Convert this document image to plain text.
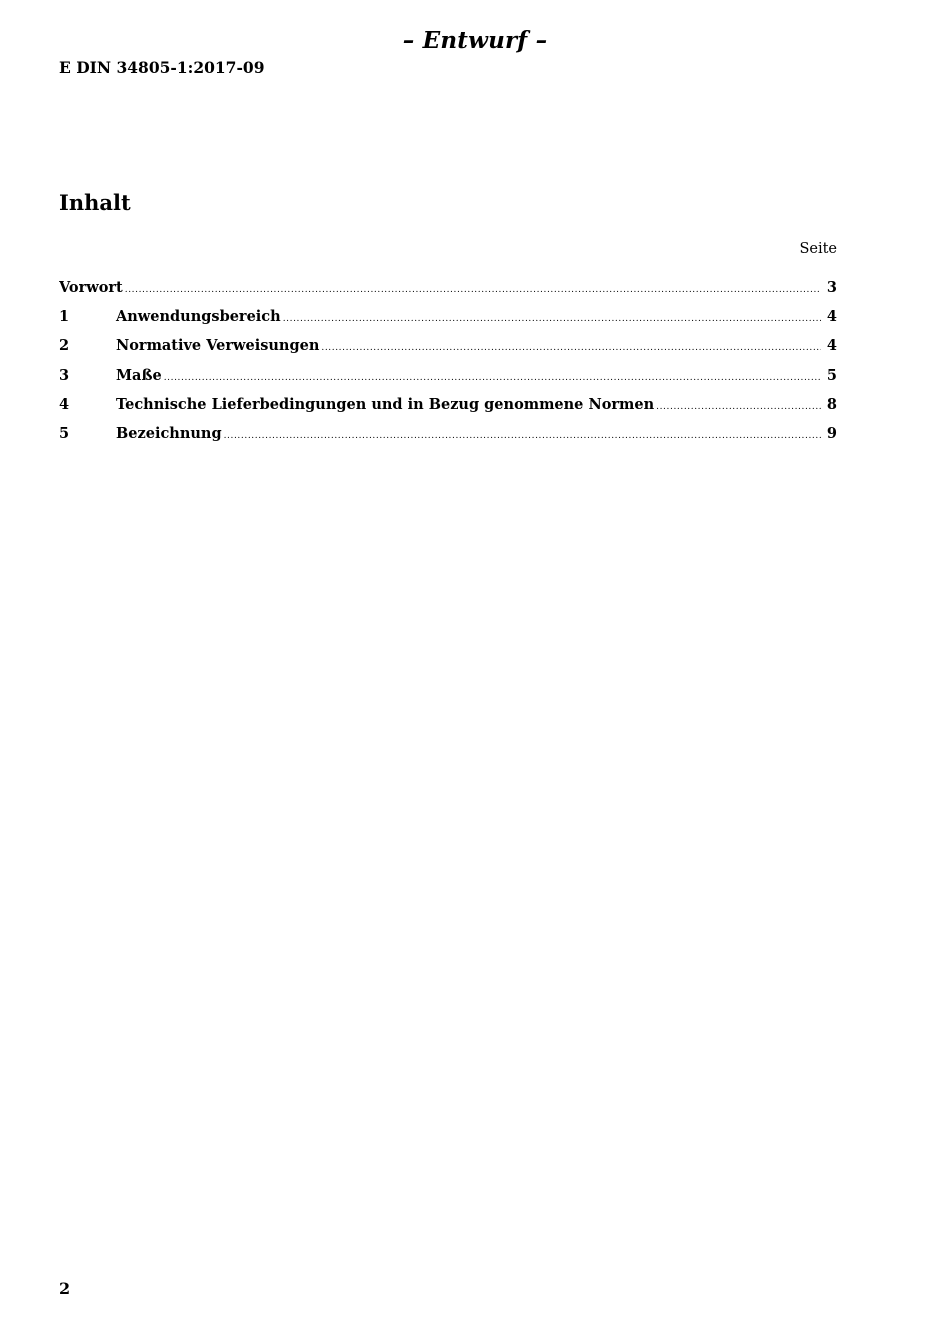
– Entwurf –
E DIN 34805-1:2017-09
Inhalt
Seite
Vorwort .....	3
1	Anwendungsbereich .....	4
2	Normative Verweisungen .....	4
3	Maße .....	5
4	Technische Lieferbedingungen und in Bezug genommene Normen .....	8
5	Bezeichnung .....	9
2
